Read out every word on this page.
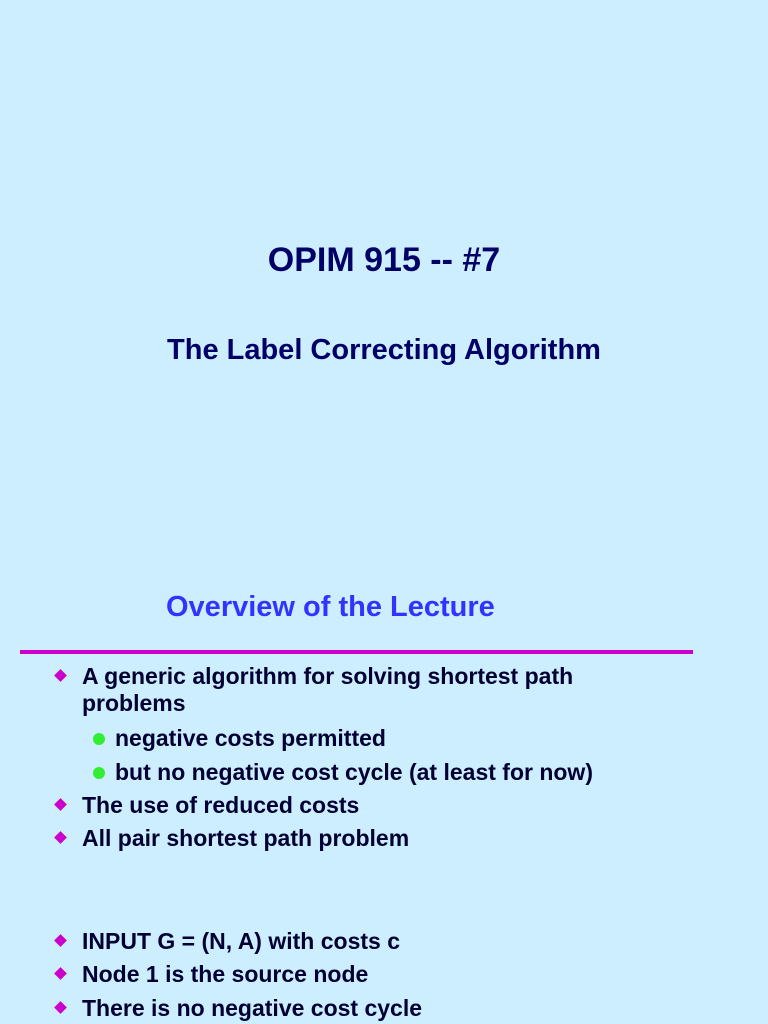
OPIM 915 -- #7
The Label Correcting Algorithm
Overview of the Lecture
A generic algorithm for solving shortest path
problems
negative costs permitted
but no negative cost cycle (at least for now)
The use of reduced costs
All pair shortest path problem
INPUT G = (N, A) with costs c
Node 1 is the source node
There is no negative cost cycle
